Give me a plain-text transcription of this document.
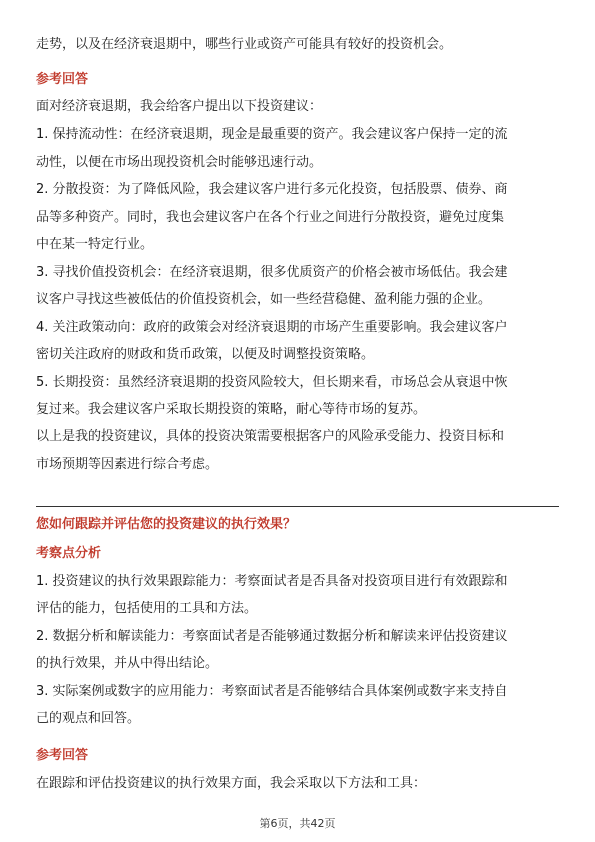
走势，以及在经济衰退期中，哪些行业或资产可能具有较好的投资机会。
参考回答
面对经济衰退期，我会给客户提出以下投资建议：
1. 保持流动性：在经济衰退期，现金是最重要的资产。我会建议客户保持一定的流
动性，以便在市场出现投资机会时能够迅速行动。
2. 分散投资：为了降低风险，我会建议客户进行多元化投资，包括股票、债券、商
品等多种资产。同时，我也会建议客户在各个行业之间进行分散投资，避免过度集
中在某一特定行业。
3. 寻找价值投资机会：在经济衰退期，很多优质资产的价格会被市场低估。我会建
议客户寻找这些被低估的价值投资机会，如一些经营稳健、盈利能力强的企业。
4. 关注政策动向：政府的政策会对经济衰退期的市场产生重要影响。我会建议客户
密切关注政府的财政和货币政策，以便及时调整投资策略。
5. 长期投资：虽然经济衰退期的投资风险较大，但长期来看，市场总会从衰退中恢
复过来。我会建议客户采取长期投资的策略，耐心等待市场的复苏。
以上是我的投资建议，具体的投资决策需要根据客户的风险承受能力、投资目标和
市场预期等因素进行综合考虑。
您如何跟踪并评估您的投资建议的执行效果？
考察点分析
1. 投资建议的执行效果跟踪能力：考察面试者是否具备对投资项目进行有效跟踪和
评估的能力，包括使用的工具和方法。
2. 数据分析和解读能力：考察面试者是否能够通过数据分析和解读来评估投资建议
的执行效果，并从中得出结论。
3. 实际案例或数字的应用能力：考察面试者是否能够结合具体案例或数字来支持自
己的观点和回答。
参考回答
在跟踪和评估投资建议的执行效果方面，我会采取以下方法和工具：
第6页，共42页
